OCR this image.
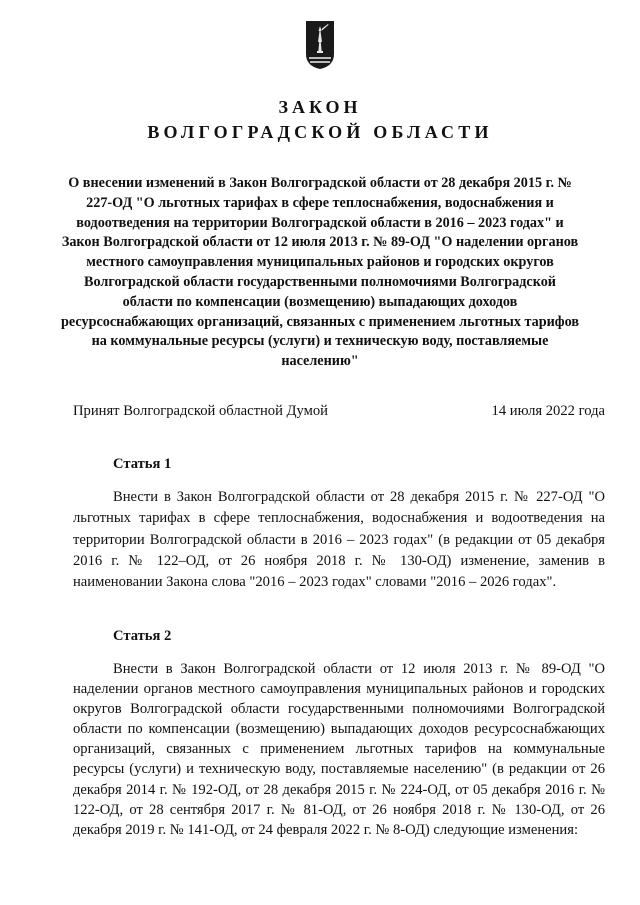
ЗАКОН
ВОЛГОГРАДСКОЙ ОБЛАСТИ

О внесении изменений в Закон Волгоградской области от 28 декабря 2015 г. № 227-ОД "О льготных тарифах в сфере теплоснабжения, водоснабжения и водоотведения на территории Волгоградской области в 2016 – 2023 годах" и Закон Волгоградской области от 12 июля 2013 г. № 89-ОД "О наделении органов местного самоуправления муниципальных районов и городских округов Волгоградской области государственными полномочиями Волгоградской области по компенсации (возмещению) выпадающих доходов ресурсоснабжающих организаций, связанных с применением льготных тарифов на коммунальные ресурсы (услуги) и техническую воду, поставляемые населению"

Принят Волгоградской областной Думой	14 июля 2022 года
Статья 1

Внести в Закон Волгоградской области от 28 декабря 2015 г. № 227-ОД "О льготных тарифах в сфере теплоснабжения, водоснабжения и водоотведения на территории Волгоградской области в 2016 – 2023 годах" (в редакции от 05 декабря 2016 г. № 122–ОД, от 26 ноября 2018 г. № 130-ОД) изменение, заменив в наименовании Закона слова "2016 – 2023 годах" словами "2016 – 2026 годах".

Статья 2

Внести в Закон Волгоградской области от 12 июля 2013 г. № 89-ОД "О наделении органов местного самоуправления муниципальных районов и городских округов Волгоградской области государственными полномочиями Волгоградской области по компенсации (возмещению) выпадающих доходов ресурсоснабжающих организаций, связанных с применением льготных тарифов на коммунальные ресурсы (услуги) и техническую воду, поставляемые населению" (в редакции от 26 декабря 2014 г. № 192-ОД, от 28 декабря 2015 г. № 224-ОД, от 05 декабря 2016 г. № 122-ОД, от 28 сентября 2017 г. № 81-ОД, от 26 ноября 2018 г. № 130-ОД, от 26 декабря 2019 г. № 141-ОД, от 24 февраля 2022 г. № 8-ОД) следующие изменения:
